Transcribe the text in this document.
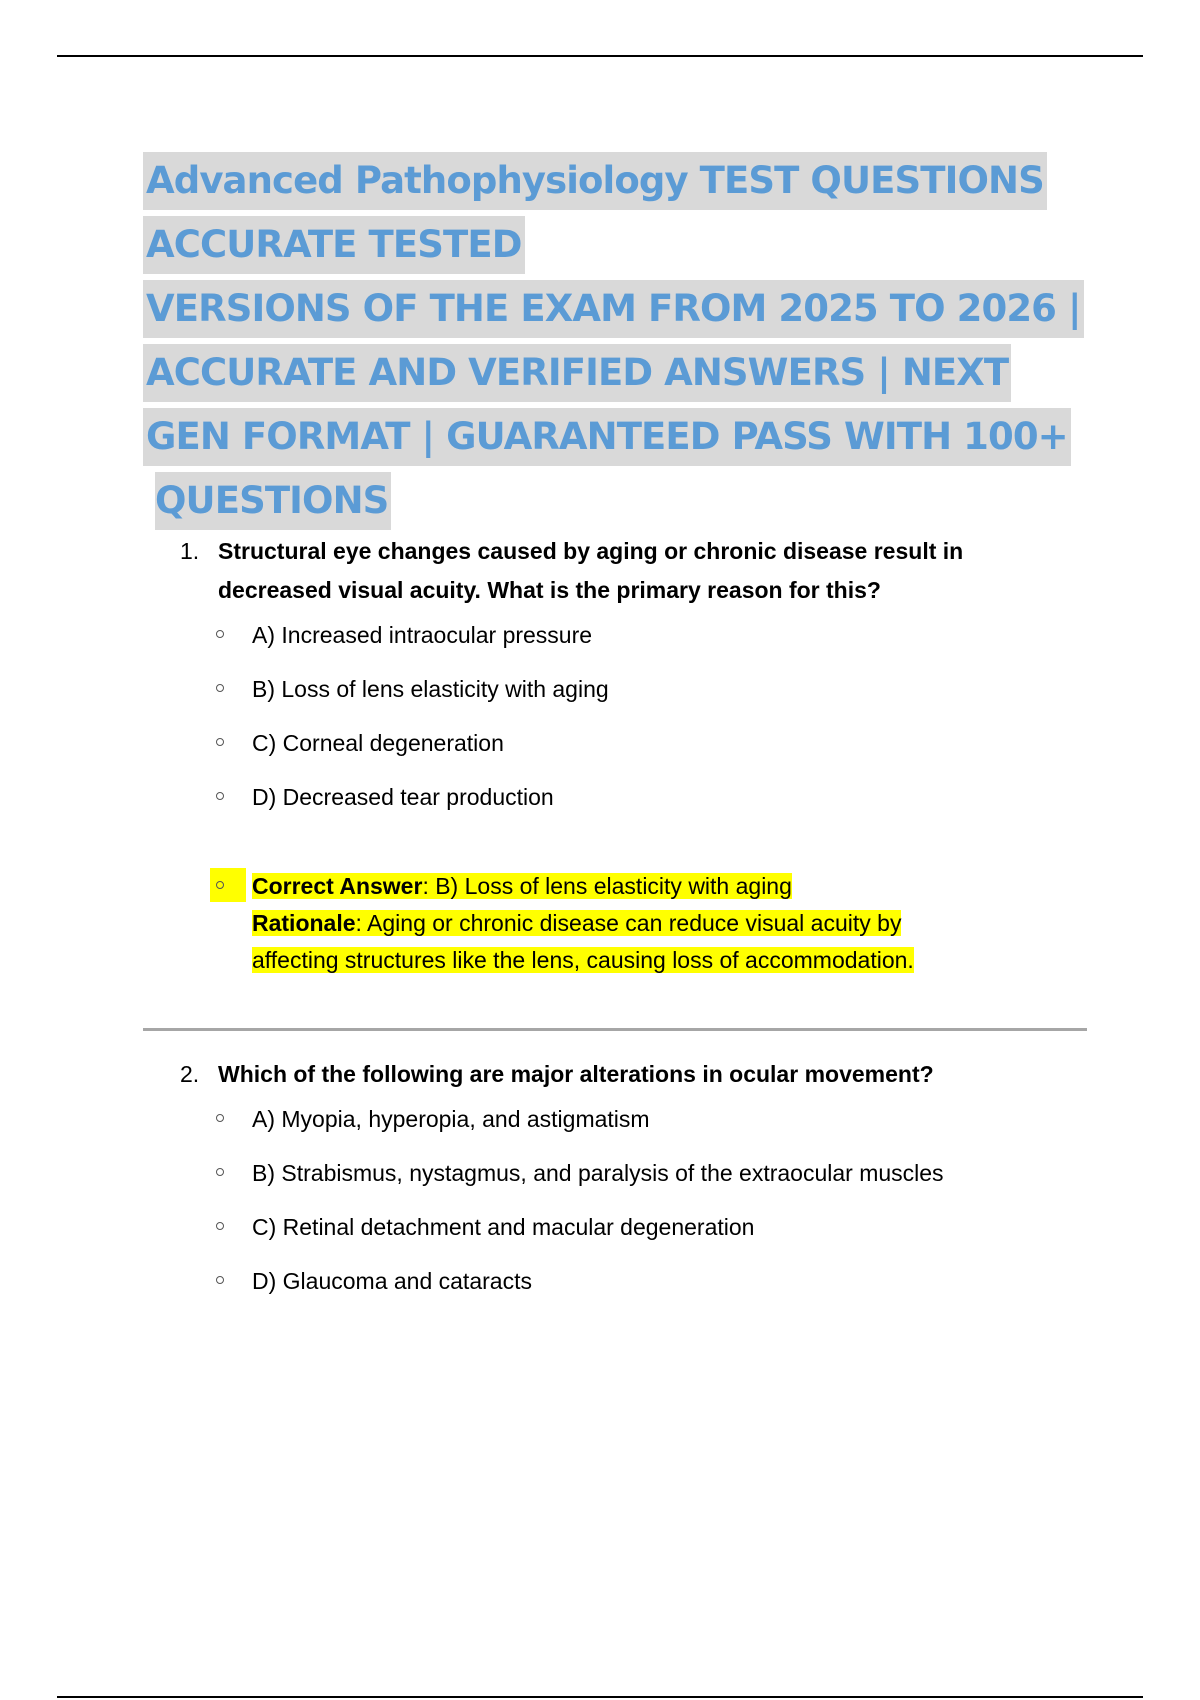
Advanced Pathophysiology TEST QUESTIONS
ACCURATE TESTED
VERSIONS OF THE EXAM FROM 2025 TO 2026 |
ACCURATE AND VERIFIED ANSWERS | NEXT
GEN FORMAT | GUARANTEED PASS WITH 100+
QUESTIONS
1. Structural eye changes caused by aging or chronic disease result in
decreased visual acuity. What is the primary reason for this?
A) Increased intraocular pressure
B) Loss of lens elasticity with aging
C) Corneal degeneration
D) Decreased tear production
Correct Answer: B) Loss of lens elasticity with aging
Rationale: Aging or chronic disease can reduce visual acuity by
affecting structures like the lens, causing loss of accommodation.
2. Which of the following are major alterations in ocular movement?
A) Myopia, hyperopia, and astigmatism
B) Strabismus, nystagmus, and paralysis of the extraocular muscles
C) Retinal detachment and macular degeneration
D) Glaucoma and cataracts
